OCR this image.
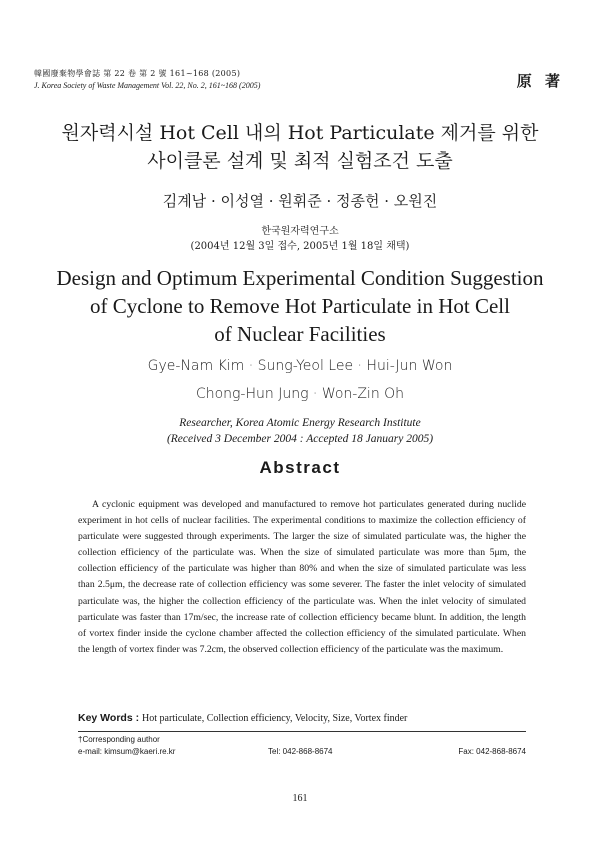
韓國廢棄物學會誌 第 22 卷 第 2 號 161~168 (2005)
J. Korea Society of Waste Management Vol. 22, No. 2, 161~168 (2005)	原 著
원자력시설 Hot Cell 내의 Hot Particulate 제거를 위한
사이클론 설계 및 최적 실험조건 도출
김계남 · 이성열 · 원휘준 · 정종헌 · 오원진
한국원자력연구소
(2004년 12월 3일 접수, 2005년 1월 18일 채택)
Design and Optimum Experimental Condition Suggestion
of Cyclone to Remove Hot Particulate in Hot Cell
of Nuclear Facilities
Gye-Nam Kim · Sung-Yeol Lee · Hui-Jun Won
Chong-Hun Jung · Won-Zin Oh
Researcher, Korea Atomic Energy Research Institute
(Received 3 December 2004 : Accepted 18 January 2005)
Abstract
A cyclonic equipment was developed and manufactured to remove hot particulates generated during nuclide experiment in hot cells of nuclear facilities. The experimental conditions to maximize the collection efficiency of particulate were suggested through experiments. The larger the size of simulated particulate was, the higher the collection efficiency of the particulate was. When the size of simulated particulate was more than 5μm, the collection efficiency of the particulate was higher than 80% and when the size of simulated particulate was less than 2.5μm, the decrease rate of collection efficiency was some severer. The faster the inlet velocity of simulated particulate was, the higher the collection efficiency of the particulate was. When the inlet velocity of simulated particulate was faster than 17m/sec, the increase rate of collection efficiency became blunt. In addition, the length of vortex finder inside the cyclone chamber affected the collection efficiency of the simulated particulate. When the length of vortex finder was 7.2cm, the observed collection efficiency of the particulate was the maximum.
Key Words : Hot particulate, Collection efficiency, Velocity, Size, Vortex finder
†Corresponding author
e-mail: kimsum@kaeri.re.kr	Tel: 042-868-8674	Fax: 042-868-8674
161
